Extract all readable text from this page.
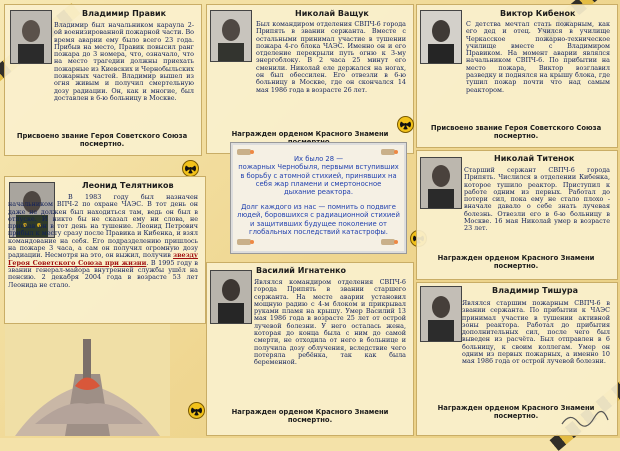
Владимир Правик
Владимир был начальником караула 2-ой военизированной пожарной части. Во время аварии ему было всего 23 года. Прибыв на место, Правик повысил ранг пожара до 3 номера, что, означало, что на место трагедии должны приехать пожарные из Киевских и Чернобыльских пожарных частей. Владимир вышел из огня живым и получил смертельную дозу радиации. Он, как и многие, был доставлен в 6-ю больницу в Москве.
Присвоено звание Героя Советского Союза посмертно.
Николай Ващук
Был командиром отделения СВПЧ-6 города Припять в звании сержанта. Вместе с остальными принимал участие в тушении пожара 4-го блока ЧАЭС. Именно он и его отделение перекрыли путь огню к 3-му энергоблоку. В 2 часа 25 минут его сменили. Николай еле держался на ногах, он был обессилен. Его отвезли в 6-ю больницу в Москве, где он скончался 14 мая 1986 года в возрасте 26 лет.
Награжден орденом Красного Знамени
Виктор Кибенок
С детства мечтал стать пожарным, как его дед и отец. Учился в училище Черкасское пожарно-техническое училище вместе с Владимиром Правиком. На момент аварии являлся начальником СВПЧ-6. По прибытии на место пожара, Виктор возглавил разведку и поднялся на крышу блока, где тушил пожар почти что над самым реактором.
Присвоено звание Героя Советского Союза посмертно.
Их было 28 —
пожарных Чернобыля, первыми вступивших
в борьбу с атомной стихией, принявших на
себя жар пламени и смертоносное
дыхание реактора.
Долг каждого из нас — помнить о подвиге
людей, боровшихся с радиационной стихией
и защитивших будущее поколение от
глобальных последствий катастрофы.
Леонид Телятников
В 1983 году был назначен начальником ВПЧ-2 по охране ЧАЭС. В тот день он даже не должен был находиться там, ведь он был в отпуске. И никто бы не сказал ему ни слова, не приехав он в тот день на тушение. Леонид Петрович прибыл к месту сразу после Правика и Кибенка, и взял командование на себя. Его подразделению пришлось на пожаре 3 часа, а сам он получил огромную дозу радиации. Несмотря на это, он выжил, получив звезду Героя Советского Союза при жизни. В 1995 году в звании генерал-майора внутренней службы ушёл на пенсию. 2 декабря 2004 года в возрасте 53 лет Леонида не стало.
Николай Титенок
Старший сержант СВПЧ-6 города Припять. Числился в отделении Кибенка, которое тушило реактор. Приступил к работе одним из первых. Работал до потери сил, пока ему не стало плохо - вначале давало о себе знать лучевая болезнь. Отвезли его в 6-ю больницу в Москве. 16 мая Николай умер в возрасте 23 лет.
Награжден орденом Красного Знамени посмертно.
Василий Игнатенко
Являлся командиром отделения СВПЧ-6 города Припять в звании старшего сержанта. На месте аварии установил мощную радию с 4-м блоком и прикрывал руками пламя на крышу. Умер Василий 13 мая 1986 года в возрасте 25 лет от острой лучевой болезни. У него осталась жена, которая до конца была с ним до самой смерти, не отходила от него в больнице и получила дозу облучения, вследствие чего потеряла ребёнка, так как была беременной.
Награжден орденом Красного Знамени посмертно.
Владимир Тишура
Являлся старшим пожарным СВПЧ-6 в звании сержанта. По прибытии к ЧАЭС принимал участие в тушении активной зоны реактора. Работал до прибытия дополнительных сил, после чего был выведен из расчёта. Был отправлен в 6 больницу, к своим коллегам. Умер он одним из первых пожарных, а именно 10 мая 1986 года от острой лучевой болезни.
Награжден орденом Красного Знамени посмертно.
